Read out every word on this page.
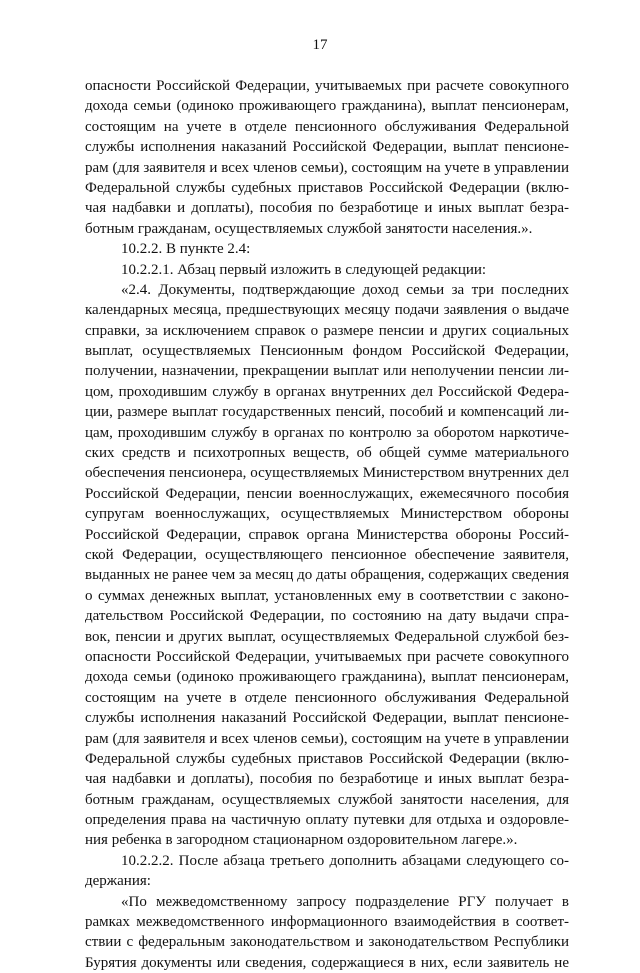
17
опасности Российской Федерации, учитываемых при расчете совокупного
дохода семьи (одиноко проживающего гражданина), выплат пенсионерам,
состоящим на учете в отделе пенсионного обслуживания Федеральной
службы исполнения наказаний Российской Федерации, выплат пенсионе-
рам (для заявителя и всех членов семьи), состоящим на учете в управлении
Федеральной службы судебных приставов Российской Федерации (вклю-
чая надбавки и доплаты), пособия по безработице и иных выплат безра-
ботным гражданам, осуществляемых службой занятости населения.».
10.2.2. В пункте 2.4:
10.2.2.1. Абзац первый изложить в следующей редакции:
«2.4. Документы, подтверждающие доход семьи за три последних
календарных месяца, предшествующих месяцу подачи заявления о выдаче
справки, за исключением справок о размере пенсии и других социальных
выплат, осуществляемых Пенсионным фондом Российской Федерации,
получении, назначении, прекращении выплат или неполучении пенсии ли-
цом, проходившим службу в органах внутренних дел Российской Федера-
ции, размере выплат государственных пенсий, пособий и компенсаций ли-
цам, проходившим службу в органах по контролю за оборотом наркотиче-
ских средств и психотропных веществ, об общей сумме материального
обеспечения пенсионера, осуществляемых Министерством внутренних дел
Российской Федерации, пенсии военнослужащих, ежемесячного пособия
супругам военнослужащих, осуществляемых Министерством обороны
Российской Федерации, справок органа Министерства обороны Россий-
ской Федерации, осуществляющего пенсионное обеспечение заявителя,
выданных не ранее чем за месяц до даты обращения, содержащих сведения
о суммах денежных выплат, установленных ему в соответствии с законо-
дательством Российской Федерации, по состоянию на дату выдачи спра-
вок, пенсии и других выплат, осуществляемых Федеральной службой без-
опасности Российской Федерации, учитываемых при расчете совокупного
дохода семьи (одиноко проживающего гражданина), выплат пенсионерам,
состоящим на учете в отделе пенсионного обслуживания Федеральной
службы исполнения наказаний Российской Федерации, выплат пенсионе-
рам (для заявителя и всех членов семьи), состоящим на учете в управлении
Федеральной службы судебных приставов Российской Федерации (вклю-
чая надбавки и доплаты), пособия по безработице и иных выплат безра-
ботным гражданам, осуществляемых службой занятости населения, для
определения права на частичную оплату путевки для отдыха и оздоровле-
ния ребенка в загородном стационарном оздоровительном лагере.».
10.2.2.2. После абзаца третьего дополнить абзацами следующего со-
держания:
«По межведомственному запросу подразделение РГУ получает в
рамках межведомственного информационного взаимодействия в соответ-
ствии с федеральным законодательством и законодательством Республики
Бурятия документы или сведения, содержащиеся в них, если заявитель не
